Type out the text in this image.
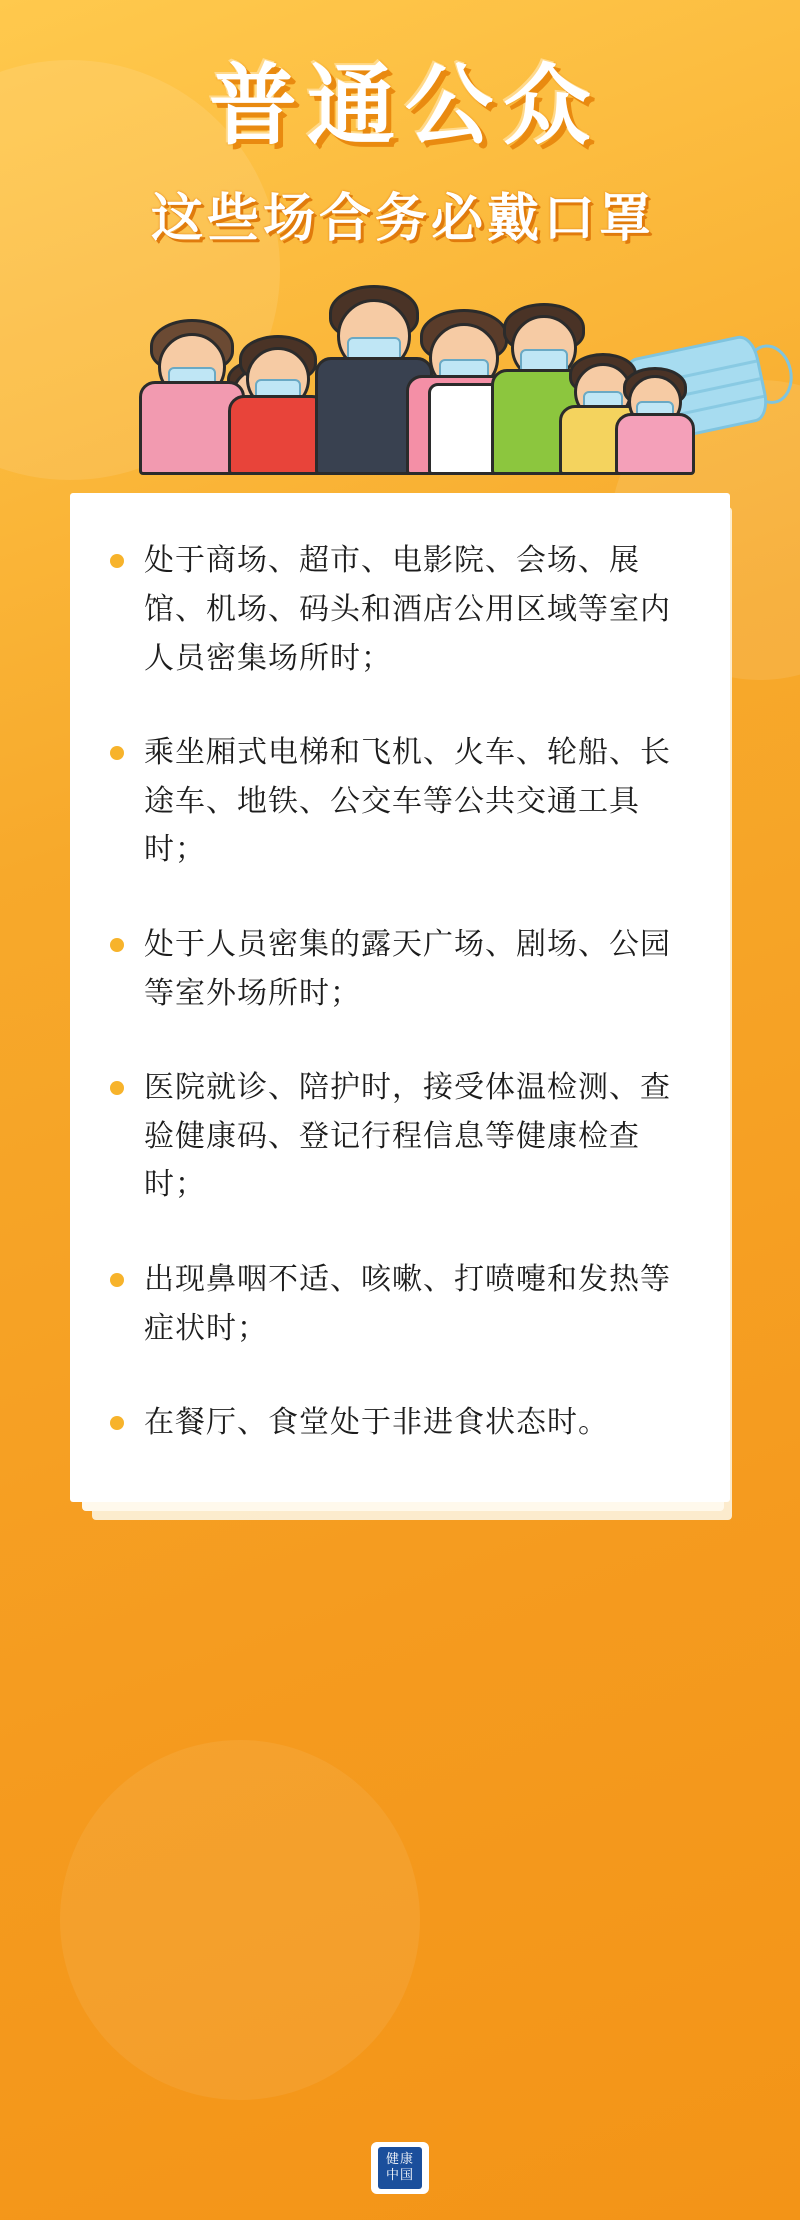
普通公众
这些场合务必戴口罩
处于商场、超市、电影院、会场、展馆、机场、码头和酒店公用区域等室内人员密集场所时；
乘坐厢式电梯和飞机、火车、轮船、长途车、地铁、公交车等公共交通工具时；
处于人员密集的露天广场、剧场、公园等室外场所时；
医院就诊、陪护时，接受体温检测、查验健康码、登记行程信息等健康检查时；
出现鼻咽不适、咳嗽、打喷嚏和发热等症状时；
在餐厅、食堂处于非进食状态时。
健康
中国
